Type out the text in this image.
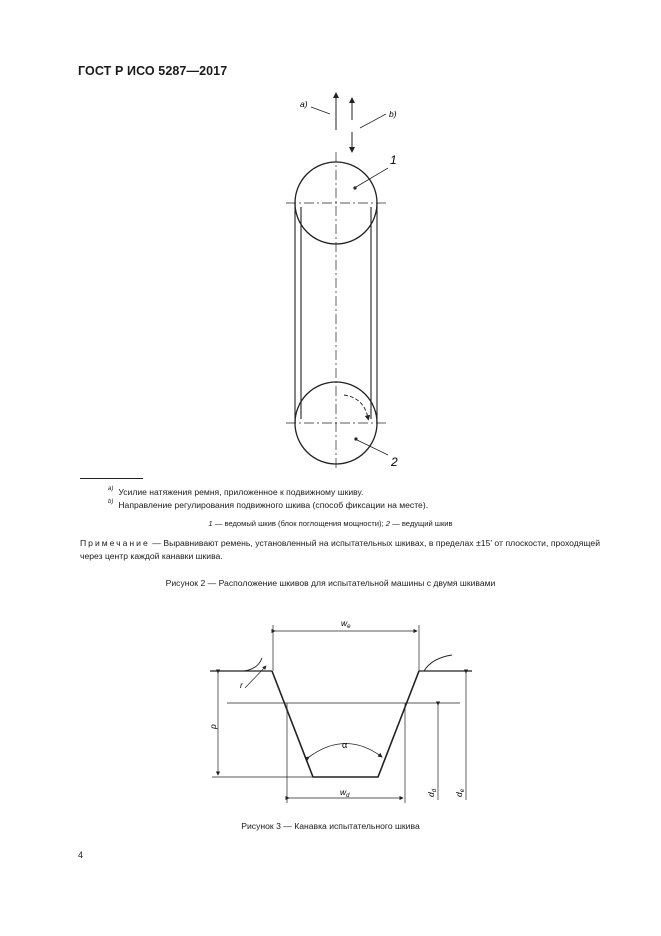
ГОСТ Р ИСО 5287—2017
a)
b)
1
2
$^{a)}$ Усилие натяжения ремня, приложенное к подвижному шкиву.
$^{b)}$ Направление регулирования подвижного шкива (способ фиксации на месте).
1 — ведомый шкив (блок поглощения мощности); 2 — ведущий шкив
Примечание — Выравнивают ремень, установленный на испытательных шкивах, в пределах ±15′ от плоскости, проходящей через центр каждой канавки шкива.
Рисунок 2 — Расположение шкивов для испытательной машины с двумя шкивами
$w_e$
$w_d$
r
α
p
$d_d$
$d_e$
Рисунок 3 — Канавка испытательного шкива
4
